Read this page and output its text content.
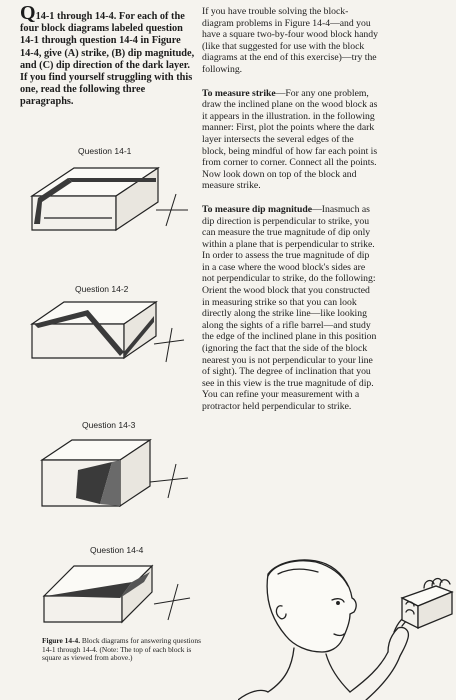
Q14-1 through 14-4. For each of the four block diagrams labeled question 14-1 through question 14-4 in Figure 14-4, give (A) strike, (B) dip magnitude, and (C) dip direction of the dark layer. If you find yourself struggling with this one, read the following three paragraphs.

Question 14-1
Question 14-2
Question 14-3
Question 14-4

Figure 14-4. Block diagrams for answering questions 14-1 through 14-4. (Note: The top of each block is square as viewed from above.)

If you have trouble solving the block-diagram problems in Figure 14-4—and you have a square two-by-four wood block handy (like that suggested for use with the block diagrams at the end of this exercise)—try the following.

To measure strike—For any one problem, draw the inclined plane on the wood block as it appears in the illustration. in the following manner: First, plot the points where the dark layer intersects the several edges of the block, being mindful of how far each point is from corner to corner. Connect all the points. Now look down on top of the block and measure strike.

To measure dip magnitude—Inasmuch as dip direction is perpendicular to strike, you can measure the true magnitude of dip only within a plane that is perpendicular to strike. In order to assess the true magnitude of dip in a case where the wood block's sides are not perpendicular to strike, do the following: Orient the wood block that you constructed in measuring strike so that you can look directly along the strike line—like looking along the sights of a rifle barrel—and study the edge of the inclined plane in this position (ignoring the fact that the side of the block nearest you is not perpendicular to your line of sight). The degree of inclination that you see in this view is the true magnitude of dip. You can refine your measurement with a protractor held perpendicular to strike.
